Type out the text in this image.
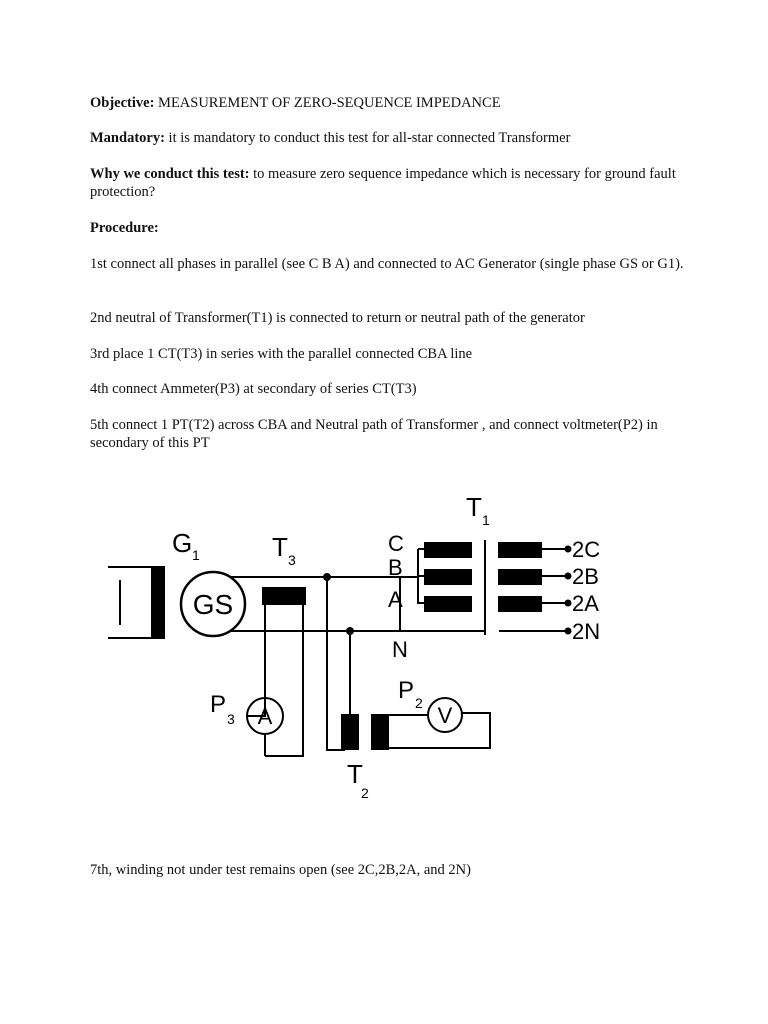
Objective: MEASUREMENT OF ZERO-SEQUENCE IMPEDANCE

Mandatory: it is mandatory to conduct this test for all-star connected Transformer

Why we conduct this test: to measure zero sequence impedance which is necessary for ground fault protection?

Procedure:

1st connect all phases in parallel (see C B A) and connected to AC Generator (single phase GS or G1).

2nd neutral of Transformer(T1) is connected to return or neutral path of the generator

3rd place 1 CT(T3) in series with the parallel connected CBA line

4th connect Ammeter(P3) at secondary of series CT(T3)

5th connect 1 PT(T2) across CBA and Neutral path of Transformer , and connect voltmeter(P2) in secondary of this PT

G 1
GS
T 3
P
3 A
P 2 V
T
2
T 1
C
B
A
N
2C
2B
2A
2N

7th, winding not under test remains open (see 2C,2B,2A, and 2N)
